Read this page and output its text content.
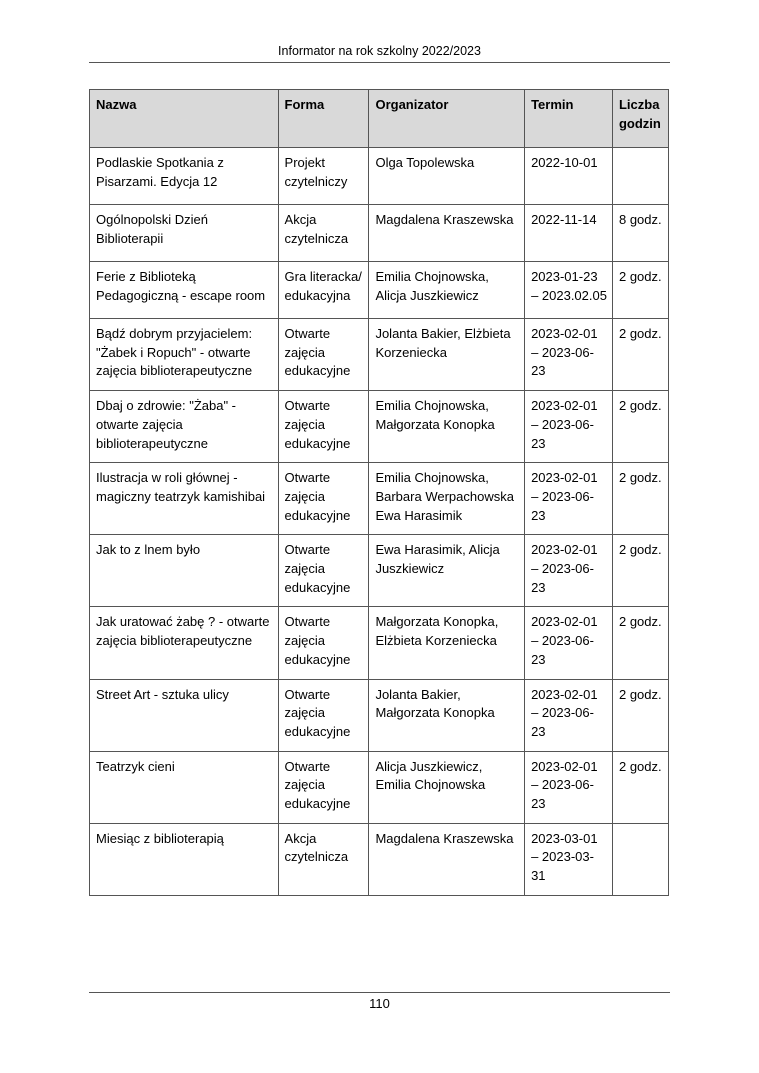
Informator na rok szkolny 2022/2023
Nazwa	Forma	Organizator	Termin	Liczba godzin
Podlaskie Spotkania z Pisarzami. Edycja 12	Projekt czytelniczy	Olga Topolewska	2022-10-01	
Ogólnopolski Dzień Biblioterapii	Akcja czytelnicza	Magdalena Kraszewska	2022-11-14	8 godz.
Ferie z Biblioteką Pedagogiczną - escape room	Gra literacka/ edukacyjna	Emilia Chojnowska, Alicja Juszkiewicz	2023-01-23 – 2023.02.05	2 godz.
Bądź dobrym przyjacielem: "Żabek i Ropuch" - otwarte zajęcia biblioterapeutyczne	Otwarte zajęcia edukacyjne	Jolanta Bakier, Elżbieta Korzeniecka	2023-02-01 – 2023-06-23	2 godz.
Dbaj o zdrowie: "Żaba" - otwarte zajęcia biblioterapeutyczne	Otwarte zajęcia edukacyjne	Emilia Chojnowska, Małgorzata Konopka	2023-02-01 – 2023-06-23	2 godz.
Ilustracja w roli głównej - magiczny teatrzyk kamishibai	Otwarte zajęcia edukacyjne	Emilia Chojnowska, Barbara Werpachowska Ewa Harasimik	2023-02-01 – 2023-06-23	2 godz.
Jak to z lnem było	Otwarte zajęcia edukacyjne	Ewa Harasimik, Alicja Juszkiewicz	2023-02-01 – 2023-06-23	2 godz.
Jak uratować żabę ? - otwarte zajęcia biblioterapeutyczne	Otwarte zajęcia edukacyjne	Małgorzata Konopka, Elżbieta Korzeniecka	2023-02-01 – 2023-06-23	2 godz.
Street Art - sztuka ulicy	Otwarte zajęcia edukacyjne	Jolanta Bakier, Małgorzata Konopka	2023-02-01 – 2023-06-23	2 godz.
Teatrzyk cieni	Otwarte zajęcia edukacyjne	Alicja Juszkiewicz, Emilia Chojnowska	2023-02-01 – 2023-06-23	2 godz.
Miesiąc z biblioterapią	Akcja czytelnicza	Magdalena Kraszewska	2023-03-01 – 2023-03-31	
110
